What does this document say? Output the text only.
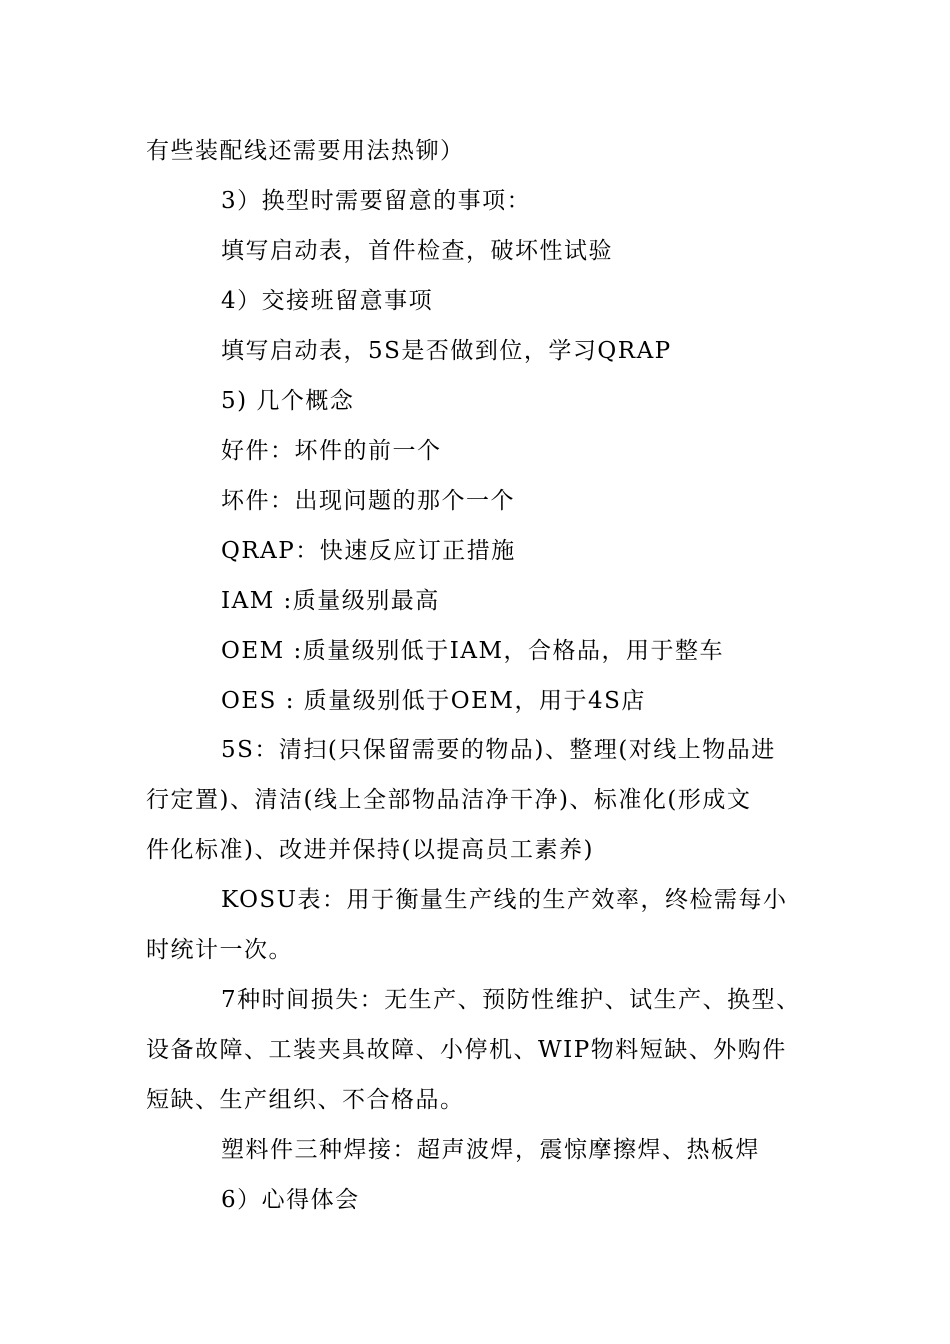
有些装配线还需要用法热铆）
3）换型时需要留意的事项：
填写启动表，首件检查，破坏性试验
4）交接班留意事项
填写启动表，5S是否做到位，学习QRAP
5) 几个概念
好件：坏件的前一个
坏件：出现问题的那个一个
QRAP：快速反应订正措施
IAM :质量级别最高
OEM :质量级别低于IAM，合格品，用于整车
OES : 质量级别低于OEM，用于4S店
5S：清扫(只保留需要的物品)、整理(对线上物品进
行定置)、清洁(线上全部物品洁净干净)、标准化(形成文
件化标准)、改进并保持(以提高员工素养)
KOSU表：用于衡量生产线的生产效率，终检需每小
时统计一次。
7种时间损失：无生产、预防性维护、试生产、换型、
设备故障、工装夹具故障、小停机、WIP物料短缺、外购件
短缺、生产组织、不合格品。
塑料件三种焊接：超声波焊，震惊摩擦焊、热板焊
6）心得体会
